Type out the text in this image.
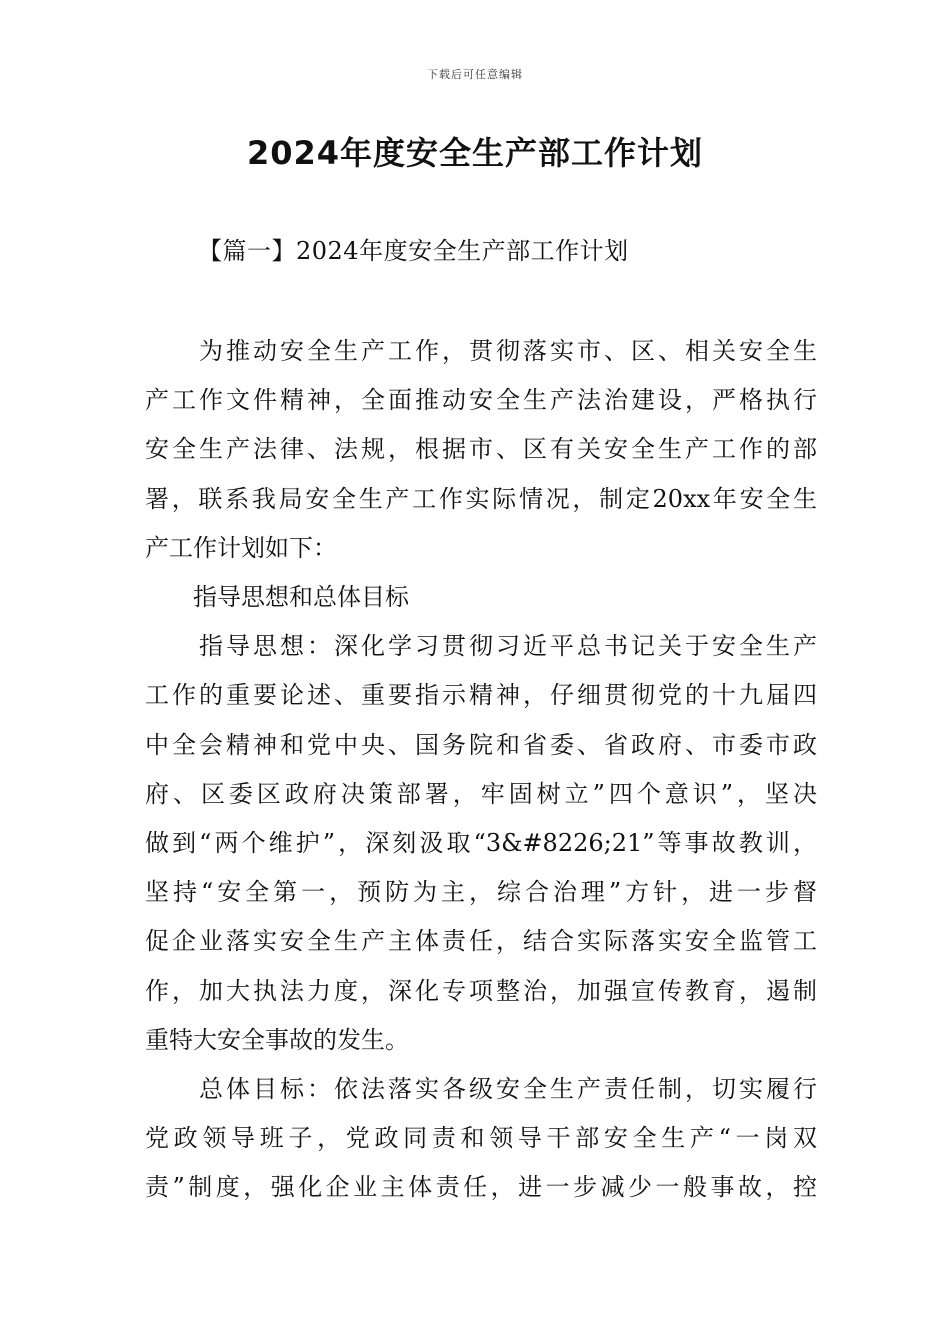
下载后可任意编辑
2024年度安全生产部工作计划
【篇一】2024年度安全生产部工作计划

　　为推动安全生产工作，贯彻落实市、区、相关安全生
产工作文件精神，全面推动安全生产法治建设，严格执行
安全生产法律、法规，根据市、区有关安全生产工作的部
署，联系我局安全生产工作实际情况，制定20xx年安全生
产工作计划如下：

　　指导思想和总体目标

　　指导思想：深化学习贯彻习近平总书记关于安全生产
工作的重要论述、重要指示精神，仔细贯彻党的十九届四
中全会精神和党中央、国务院和省委、省政府、市委市政
府、区委区政府决策部署，牢固树立”四个意识”，坚决
做到“两个维护”，深刻汲取“3&#8226;21”等事故教训，
坚持“安全第一，预防为主，综合治理”方针，进一步督
促企业落实安全生产主体责任，结合实际落实安全监管工
作，加大执法力度，深化专项整治，加强宣传教育，遏制
重特大安全事故的发生。

　　总体目标：依法落实各级安全生产责任制，切实履行
党政领导班子，党政同责和领导干部安全生产“一岗双
责”制度，强化企业主体责任，进一步减少一般事故，控
